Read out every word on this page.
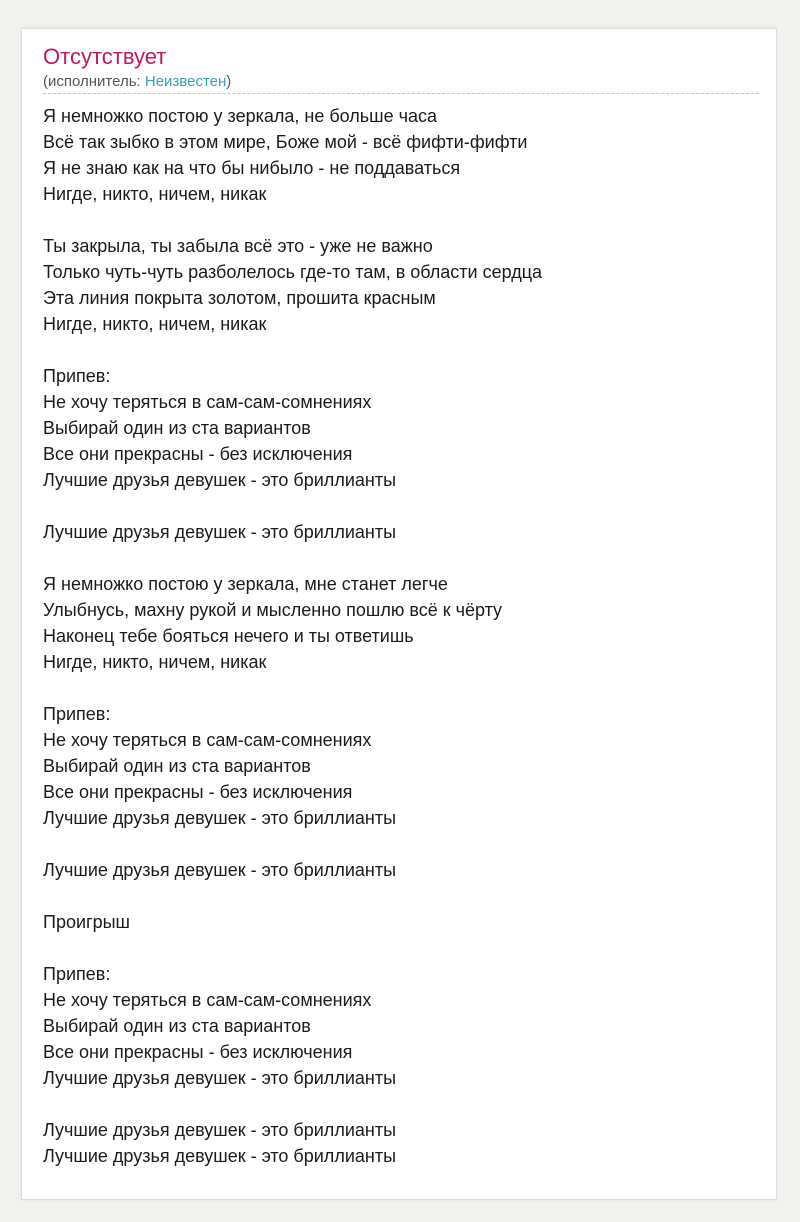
Отсутствует
(исполнитель: Неизвестен)
Я немножко постою у зеркала, не больше часа
Всё так зыбко в этом мире, Боже мой - всё фифти-фифти
Я не знаю как на что бы нибыло - не поддаваться
Нигде, никто, ничем, никак
Ты закрыла, ты забыла всё это - уже не важно
Только чуть-чуть разболелось где-то там, в области сердца
Эта линия покрыта золотом, прошита красным
Нигде, никто, ничем, никак
Припев:
Не хочу теряться в сам-сам-сомнениях
Выбирай один из ста вариантов
Все они прекрасны - без исключения
Лучшие друзья девушек - это бриллианты
Лучшие друзья девушек - это бриллианты
Я немножко постою у зеркала, мне станет легче
Улыбнусь, махну рукой и мысленно пошлю всё к чёрту
Наконец тебе бояться нечего и ты ответишь
Нигде, никто, ничем, никак
Припев:
Не хочу теряться в сам-сам-сомнениях
Выбирай один из ста вариантов
Все они прекрасны - без исключения
Лучшие друзья девушек - это бриллианты
Лучшие друзья девушек - это бриллианты
Проигрыш
Припев:
Не хочу теряться в сам-сам-сомнениях
Выбирай один из ста вариантов
Все они прекрасны - без исключения
Лучшие друзья девушек - это бриллианты
Лучшие друзья девушек - это бриллианты
Лучшие друзья девушек - это бриллианты
